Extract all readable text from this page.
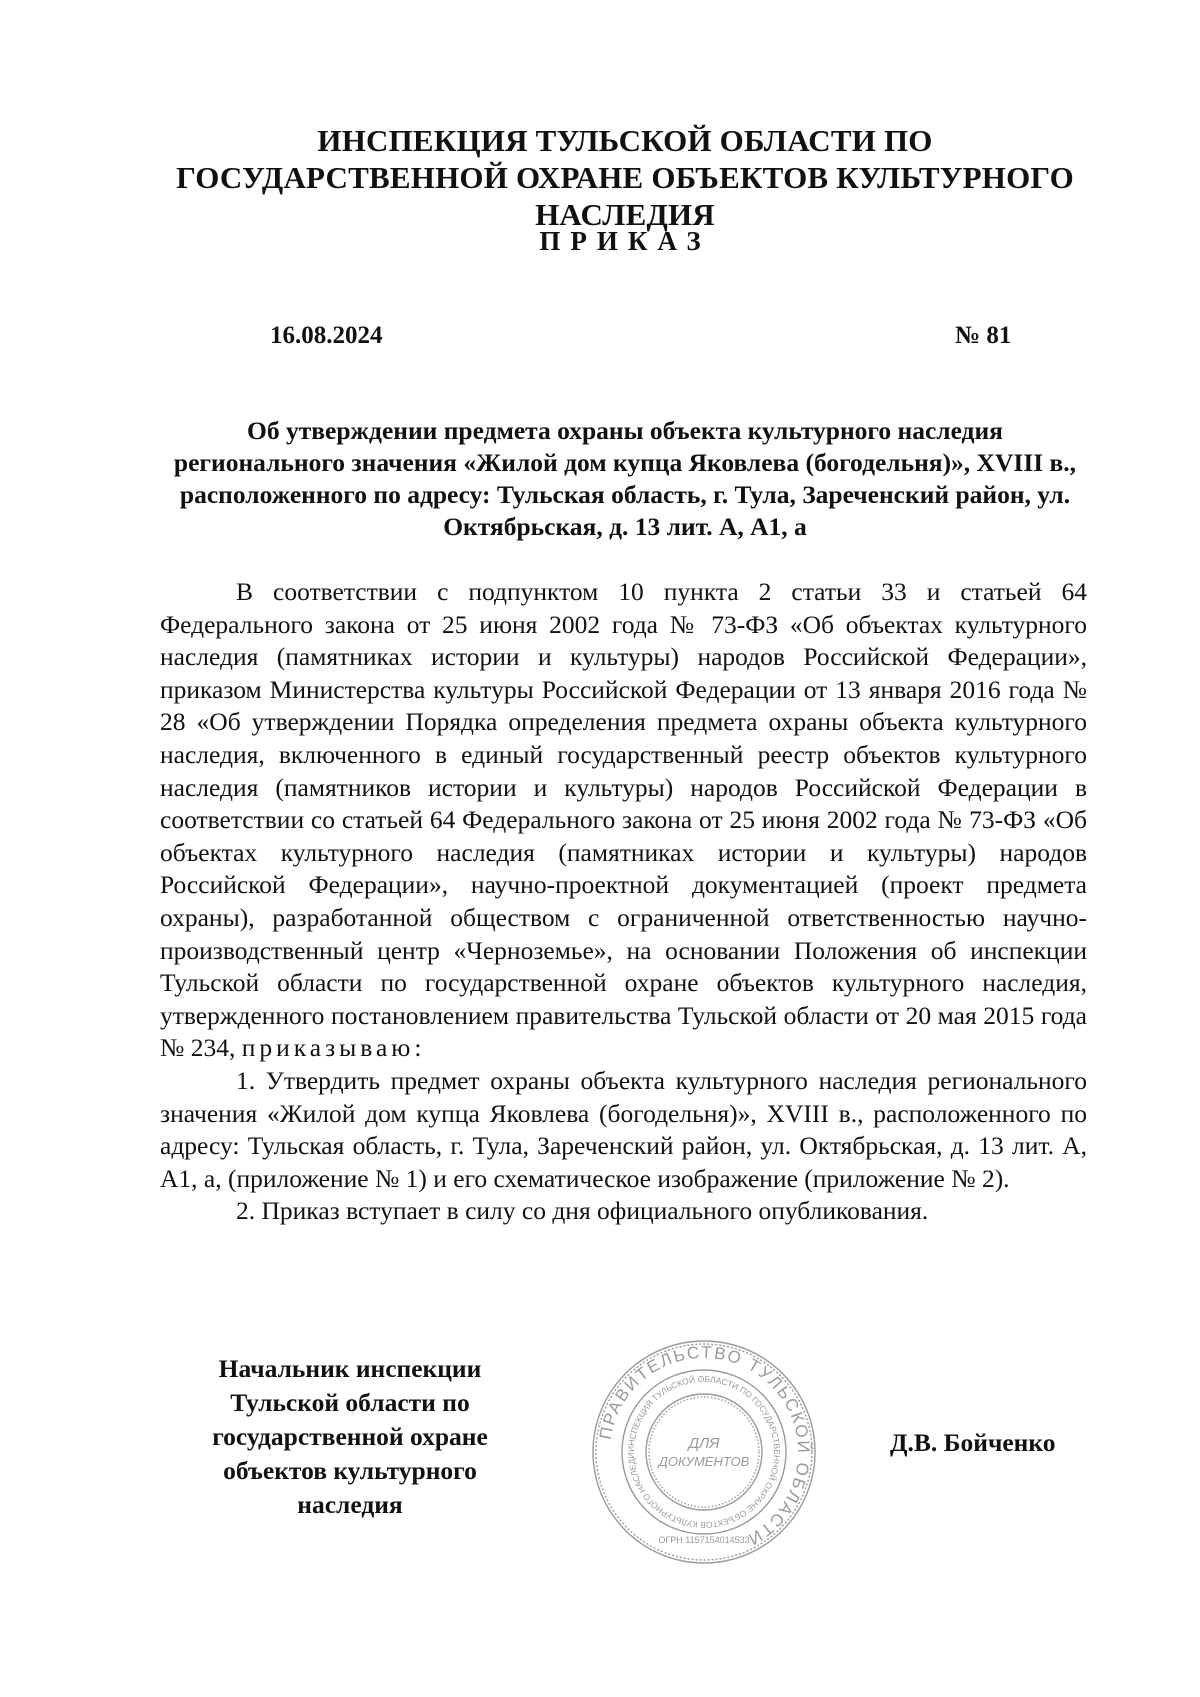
ИНСПЕКЦИЯ ТУЛЬСКОЙ ОБЛАСТИ ПО ГОСУДАРСТВЕННОЙ ОХРАНЕ ОБЪЕКТОВ КУЛЬТУРНОГО НАСЛЕДИЯ
ПРИКАЗ
16.08.2024	№ 81
Об утверждении предмета охраны объекта культурного наследия регионального значения «Жилой дом купца Яковлева (богодельня)», XVIII в., расположенного по адресу: Тульская область, г. Тула, Зареченский район, ул. Октябрьская, д. 13 лит. А, А1, а

В соответствии с подпунктом 10 пункта 2 статьи 33 и статьей 64 Федерального закона от 25 июня 2002 года № 73-ФЗ «Об объектах культурного наследия (памятниках истории и культуры) народов Российской Федерации», приказом Министерства культуры Российской Федерации от 13 января 2016 года № 28 «Об утверждении Порядка определения предмета охраны объекта культурного наследия, включенного в единый государственный реестр объектов культурного наследия (памятников истории и культуры) народов Российской Федерации в соответствии со статьей 64 Федерального закона от 25 июня 2002 года № 73-ФЗ «Об объектах культурного наследия (памятниках истории и культуры) народов Российской Федерации», научно-проектной документацией (проект предмета охраны), разработанной обществом с ограниченной ответственностью научно-производственный центр «Черноземье», на основании Положения об инспекции Тульской области по государственной охране объектов культурного наследия, утвержденного постановлением правительства Тульской области от 20 мая 2015 года № 234, приказываю:

1. Утвердить предмет охраны объекта культурного наследия регионального значения «Жилой дом купца Яковлева (богодельня)», XVIII в., расположенного по адресу: Тульская область, г. Тула, Зареченский район, ул. Октябрьская, д. 13 лит. А, А1, а, (приложение № 1) и его схематическое изображение (приложение № 2).

2. Приказ вступает в силу со дня официального опубликования.

Начальник инспекции Тульской области по государственной охране объектов культурного наследия
Д.В. Бойченко
ПРАВИТЕЛЬСТВО ТУЛЬСКОЙ ОБЛАСТИ
ИНСПЕКЦИЯ ТУЛЬСКОЙ ОБЛАСТИ ПО ГОСУДАРСТВЕННОЙ ОХРАНЕ ОБЪЕКТОВ КУЛЬТУРНОГО НАСЛЕДИ
ДЛЯ
ДОКУМЕНТОВ
ОГРН 1157154014533
